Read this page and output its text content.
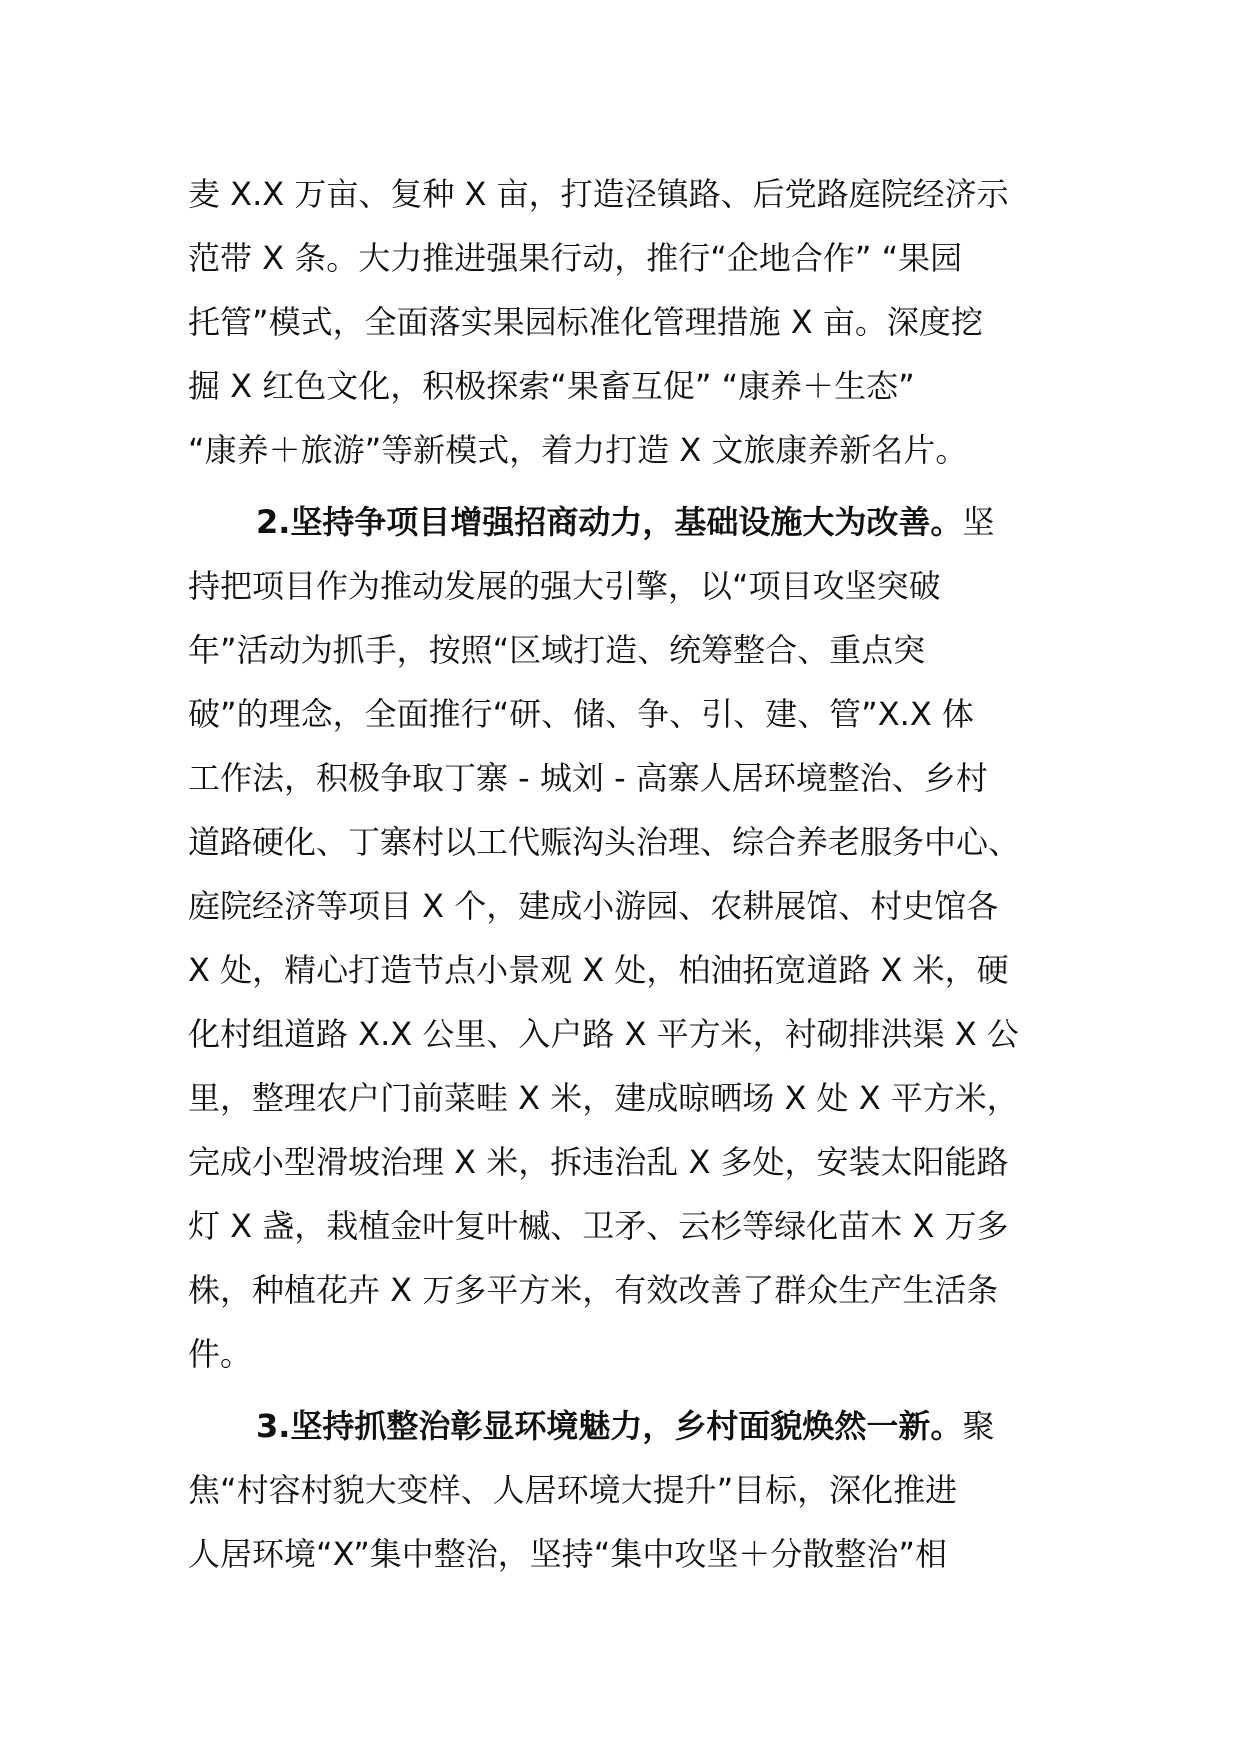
麦 X.X 万亩、复种 X 亩，打造泾镇路、后党路庭院经济示
范带 X 条。大力推进强果行动，推行“企地合作” “果园
托管”模式，全面落实果园标准化管理措施 X 亩。深度挖
掘 X 红色文化，积极探索“果畜互促” “康养＋生态”
“康养＋旅游”等新模式，着力打造 X 文旅康养新名片。
2.坚持争项目增强招商动力，基础设施大为改善。坚
持把项目作为推动发展的强大引擎，以“项目攻坚突破
年”活动为抓手，按照“区域打造、统筹整合、重点突
破”的理念，全面推行“研、储、争、引、建、管”X.X 体
工作法，积极争取丁寨 - 城刘 - 高寨人居环境整治、乡村
道路硬化、丁寨村以工代赈沟头治理、综合养老服务中心、
庭院经济等项目 X 个，建成小游园、农耕展馆、村史馆各
X 处，精心打造节点小景观 X 处，柏油拓宽道路 X 米，硬
化村组道路 X.X 公里、入户路 X 平方米，衬砌排洪渠 X 公
里，整理农户门前菜畦 X 米，建成晾晒场 X 处 X 平方米，
完成小型滑坡治理 X 米，拆违治乱 X 多处，安装太阳能路
灯 X 盏，栽植金叶复叶槭、卫矛、云杉等绿化苗木 X 万多
株，种植花卉 X 万多平方米，有效改善了群众生产生活条
件。
3.坚持抓整治彰显环境魅力，乡村面貌焕然一新。聚
焦“村容村貌大变样、人居环境大提升”目标，深化推进
人居环境“X”集中整治，坚持“集中攻坚＋分散整治”相
